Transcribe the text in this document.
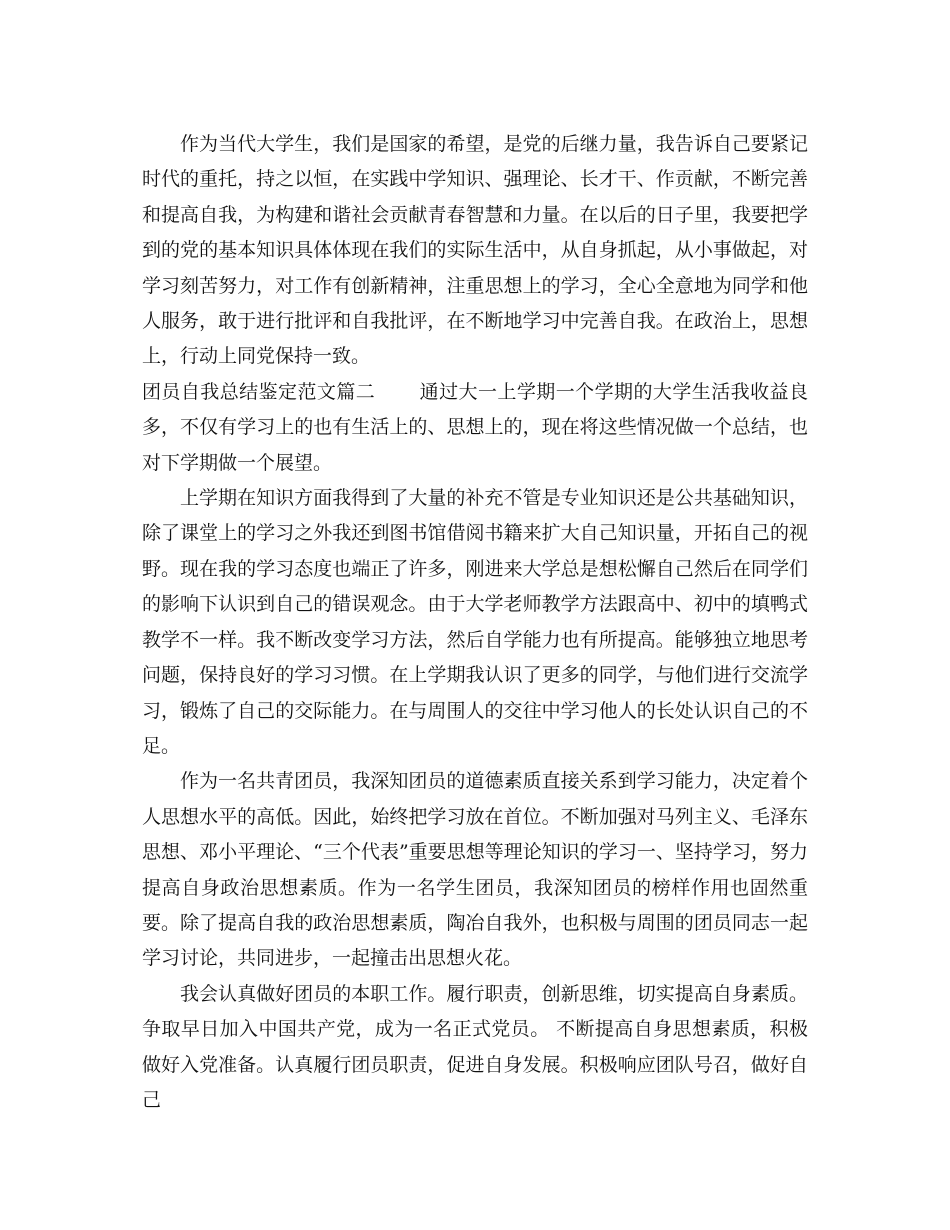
作为当代大学生，我们是国家的希望，是党的后继力量，我告诉自己要紧记时代的重托，持之以恒，在实践中学知识、强理论、长才干、作贡献，不断完善和提高自我，为构建和谐社会贡献青春智慧和力量。在以后的日子里，我要把学到的党的基本知识具体体现在我们的实际生活中，从自身抓起，从小事做起，对学习刻苦努力，对工作有创新精神，注重思想上的学习，全心全意地为同学和他人服务，敢于进行批评和自我批评，在不断地学习中完善自我。在政治上，思想上，行动上同党保持一致。

团员自我总结鉴定范文篇二 通过大一上学期一个学期的大学生活我收益良多，不仅有学习上的也有生活上的、思想上的，现在将这些情况做一个总结，也对下学期做一个展望。

上学期在知识方面我得到了大量的补充不管是专业知识还是公共基础知识，除了课堂上的学习之外我还到图书馆借阅书籍来扩大自己知识量，开拓自己的视野。现在我的学习态度也端正了许多，刚进来大学总是想松懈自己然后在同学们的影响下认识到自己的错误观念。由于大学老师教学方法跟高中、初中的填鸭式教学不一样。我不断改变学习方法，然后自学能力也有所提高。能够独立地思考问题，保持良好的学习习惯。在上学期我认识了更多的同学，与他们进行交流学习，锻炼了自己的交际能力。在与周围人的交往中学习他人的长处认识自己的不足。

作为一名共青团员，我深知团员的道德素质直接关系到学习能力，决定着个人思想水平的高低。因此，始终把学习放在首位。不断加强对马列主义、毛泽东思想、邓小平理论、“三个代表”重要思想等理论知识的学习一、坚持学习，努力提高自身政治思想素质。作为一名学生团员，我深知团员的榜样作用也固然重要。除了提高自我的政治思想素质，陶冶自我外，也积极与周围的团员同志一起学习讨论，共同进步，一起撞击出思想火花。

我会认真做好团员的本职工作。履行职责，创新思维，切实提高自身素质。争取早日加入中国共产党，成为一名正式党员。 不断提高自身思想素质，积极做好入党准备。认真履行团员职责，促进自身发展。积极响应团队号召，做好自己
